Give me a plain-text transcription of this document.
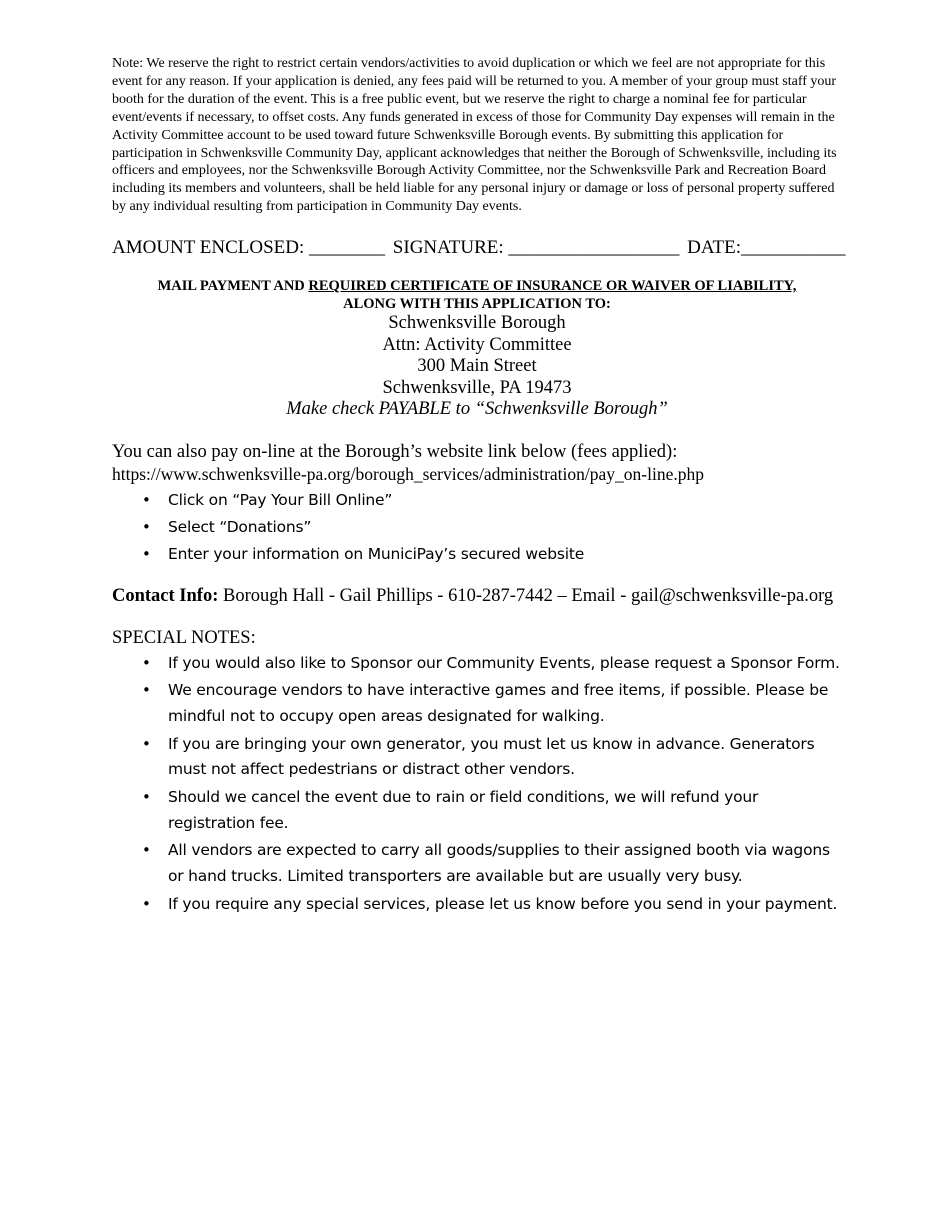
Note: We reserve the right to restrict certain vendors/activities to avoid duplication or which we feel are not appropriate for this event for any reason. If your application is denied, any fees paid will be returned to you. A member of your group must staff your booth for the duration of the event. This is a free public event, but we reserve the right to charge a nominal fee for particular event/events if necessary, to offset costs. Any funds generated in excess of those for Community Day expenses will remain in the Activity Committee account to be used toward future Schwenksville Borough events. By submitting this application for participation in Schwenksville Community Day, applicant acknowledges that neither the Borough of Schwenksville, including its officers and employees, nor the Schwenksville Borough Activity Committee, nor the Schwenksville Park and Recreation Board including its members and volunteers, shall be held liable for any personal injury or damage or loss of personal property suffered by any individual resulting from participation in Community Day events.

AMOUNT ENCLOSED: ________ SIGNATURE: __________________ DATE:___________
MAIL PAYMENT AND REQUIRED CERTIFICATE OF INSURANCE OR WAIVER OF LIABILITY,
ALONG WITH THIS APPLICATION TO:
Schwenksville Borough
Attn: Activity Committee
300 Main Street
Schwenksville, PA 19473
Make check PAYABLE to “Schwenksville Borough”
You can also pay on-line at the Borough’s website link below (fees applied):
https://www.schwenksville-pa.org/borough_services/administration/pay_on-line.php
• Click on “Pay Your Bill Online”
• Select “Donations”
• Enter your information on MuniciPay’s secured website
Contact Info: Borough Hall - Gail Phillips - 610-287-7442 – Email - gail@schwenksville-pa.org
SPECIAL NOTES:
• If you would also like to Sponsor our Community Events, please request a Sponsor Form.
• We encourage vendors to have interactive games and free items, if possible. Please be mindful not to occupy open areas designated for walking.
• If you are bringing your own generator, you must let us know in advance. Generators must not affect pedestrians or distract other vendors.
• Should we cancel the event due to rain or field conditions, we will refund your registration fee.
• All vendors are expected to carry all goods/supplies to their assigned booth via wagons or hand trucks. Limited transporters are available but are usually very busy.
• If you require any special services, please let us know before you send in your payment.
